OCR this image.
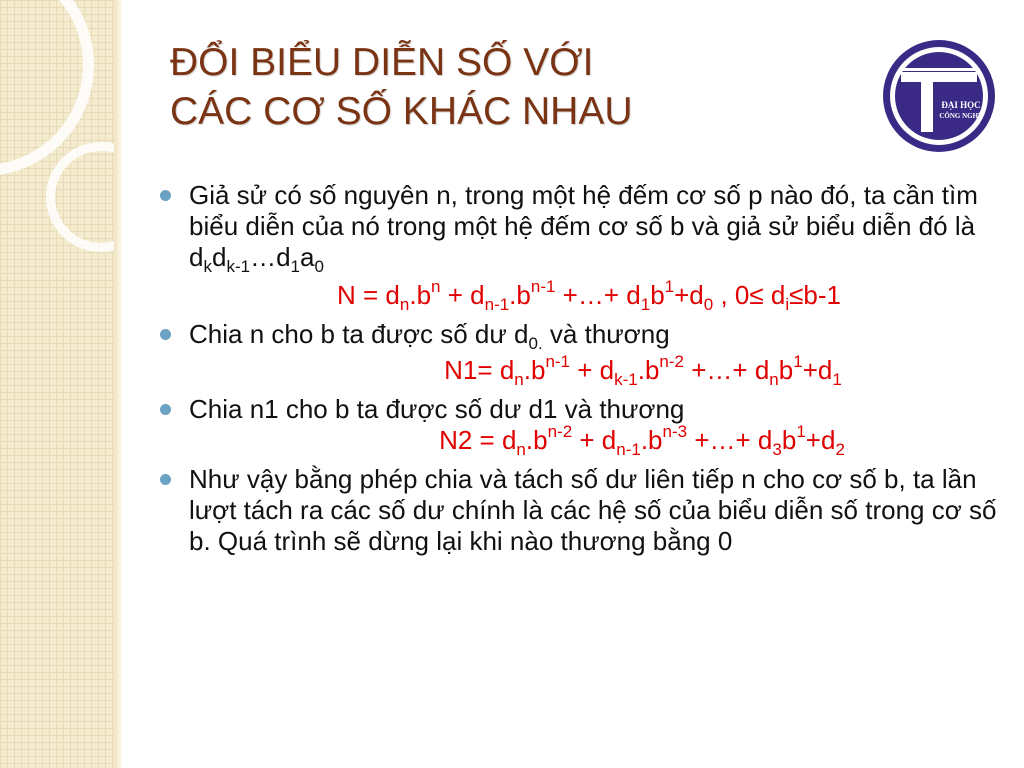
ĐỔI BIỂU DIỄN SỐ VỚI
CÁC CƠ SỐ KHÁC NHAU	ĐẠI HỌC
CÔNG NGHỆ
Giả sử có số nguyên n, trong một hệ đếm cơ số p nào đó, ta cần tìm biểu diễn của nó trong một hệ đếm cơ số b và giả sử biểu diễn đó là $d_kd_{k-1}\dots d_1a_0$
$N = d_n.b^n + d_{n-1}.b^{n-1}$ +…+ $d_1b^1+d_0$ , $0\le d_i\le b-1$
Chia n cho b ta được số dư $d_{0.}$ và thương
$N1= d_n.b^{n-1} + d_{k-1}.b^{n-2}$ +…+ $d_nb^1+d_1$
Chia n1 cho b ta được số dư d1 và thương
$N2 = d_n.b^{n-2} + d_{n-1}.b^{n-3}$ +…+ $d_3b^1+d_2$
Như vậy bằng phép chia và tách số dư liên tiếp n cho cơ số b, ta lần lượt tách ra các số dư chính là các hệ số của biểu diễn số trong cơ số b. Quá trình sẽ dừng lại khi nào thương bằng 0
